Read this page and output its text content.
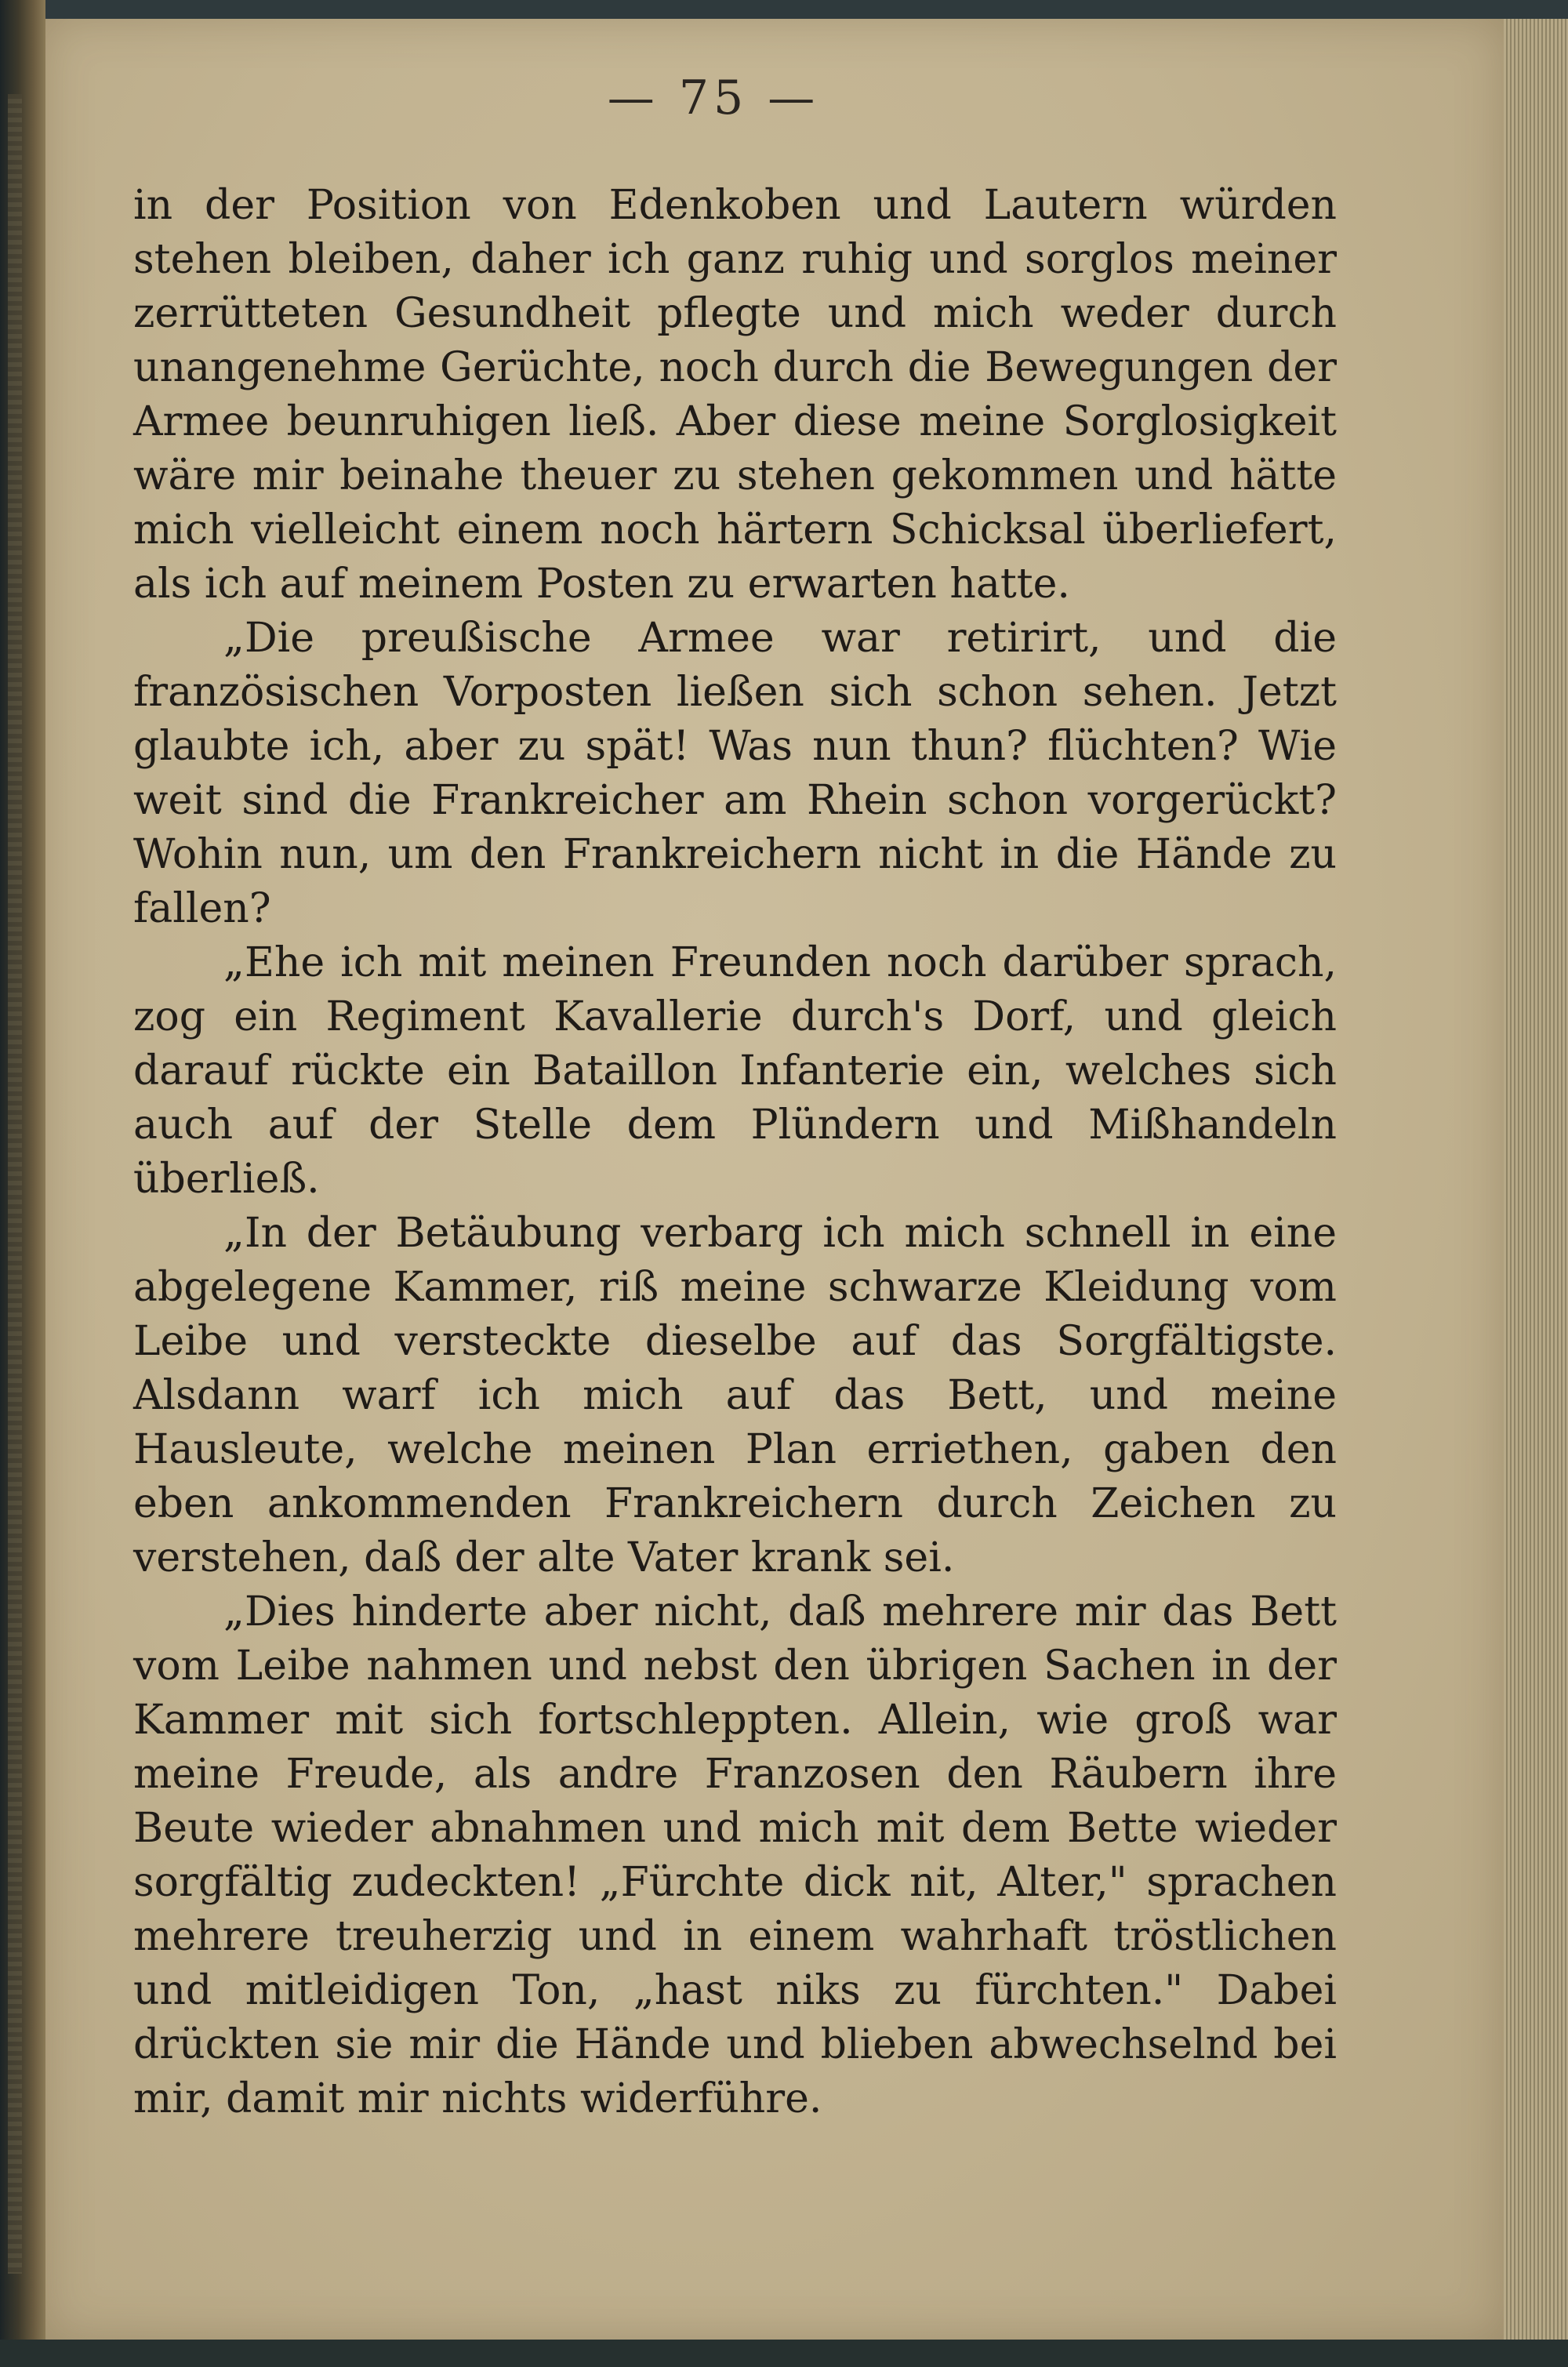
— 75 —

in der Position von Edenkoben und Lautern würden stehen bleiben, daher ich ganz ruhig und sorglos meiner zerrütteten Gesundheit pflegte und mich weder durch unangenehme Gerüchte, noch durch die Bewegungen der Armee beunruhigen ließ. Aber diese meine Sorglosigkeit wäre mir beinahe theuer zu stehen gekommen und hätte mich vielleicht einem noch härtern Schicksal überliefert, als ich auf meinem Posten zu erwarten hatte.

„Die preußische Armee war retirirt, und die französischen Vorposten ließen sich schon sehen. Jetzt glaubte ich, aber zu spät! Was nun thun? flüchten? Wie weit sind die Frankreicher am Rhein schon vorgerückt? Wohin nun, um den Frankreichern nicht in die Hände zu fallen?

„Ehe ich mit meinen Freunden noch darüber sprach, zog ein Regiment Kavallerie durch's Dorf, und gleich darauf rückte ein Bataillon Infanterie ein, welches sich auch auf der Stelle dem Plündern und Mißhandeln überließ.

„In der Betäubung verbarg ich mich schnell in eine abgelegene Kammer, riß meine schwarze Kleidung vom Leibe und versteckte dieselbe auf das Sorgfältigste. Alsdann warf ich mich auf das Bett, und meine Hausleute, welche meinen Plan erriethen, gaben den eben ankommenden Frankreichern durch Zeichen zu verstehen, daß der alte Vater krank sei.

„Dies hinderte aber nicht, daß mehrere mir das Bett vom Leibe nahmen und nebst den übrigen Sachen in der Kammer mit sich fortschleppten. Allein, wie groß war meine Freude, als andre Franzosen den Räubern ihre Beute wieder abnahmen und mich mit dem Bette wieder sorgfältig zudeckten! „Fürchte dick nit, Alter," sprachen mehrere treuherzig und in einem wahrhaft tröstlichen und mitleidigen Ton, „hast niks zu fürchten." Dabei drückten sie mir die Hände und blieben abwechselnd bei mir, damit mir nichts widerführe.
